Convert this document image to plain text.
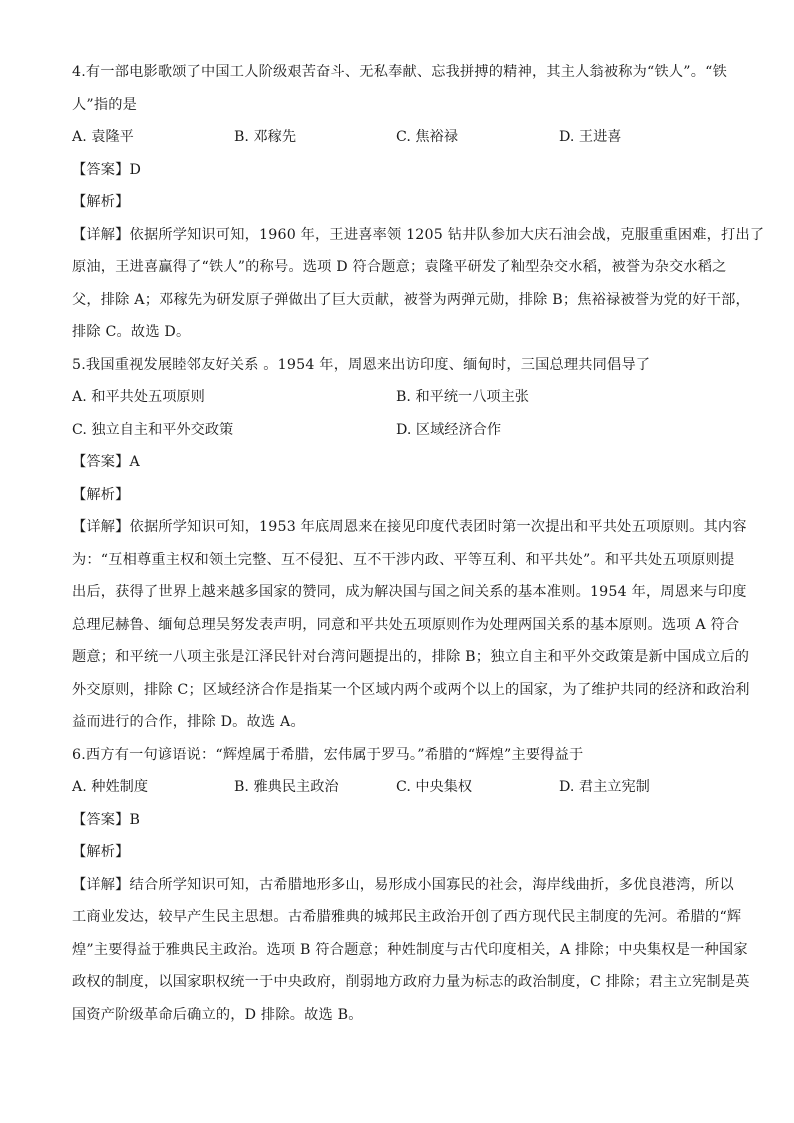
4.有一部电影歌颂了中国工人阶级艰苦奋斗、无私奉献、忘我拼搏的精神，其主人翁被称为“铁人”。“铁
人”指的是
A. 袁隆平	B. 邓稼先	C. 焦裕禄	D. 王进喜
【答案】D
【解析】
【详解】依据所学知识可知，1960 年，王进喜率领 1205 钻井队参加大庆石油会战，克服重重困难，打出了
原油，王进喜赢得了“铁人”的称号。选项 D 符合题意；袁隆平研发了籼型杂交水稻，被誉为杂交水稻之
父，排除 A；邓稼先为研发原子弹做出了巨大贡献，被誉为两弹元勋，排除 B；焦裕禄被誉为党的好干部，
排除 C。故选 D。
5.我国重视发展睦邻友好关系 。1954 年，周恩来出访印度、缅甸时，三国总理共同倡导了
A. 和平共处五项原则	B. 和平统一八项主张
C. 独立自主和平外交政策	D. 区域经济合作
【答案】A
【解析】
【详解】依据所学知识可知，1953 年底周恩来在接见印度代表团时第一次提出和平共处五项原则。其内容
为：“互相尊重主权和领土完整、互不侵犯、互不干涉内政、平等互利、和平共处”。和平共处五项原则提
出后，获得了世界上越来越多国家的赞同，成为解决国与国之间关系的基本准则。1954 年，周恩来与印度
总理尼赫鲁、缅甸总理吴努发表声明，同意和平共处五项原则作为处理两国关系的基本原则。选项 A 符合
题意；和平统一八项主张是江泽民针对台湾问题提出的，排除 B；独立自主和平外交政策是新中国成立后的
外交原则，排除 C；区域经济合作是指某一个区域内两个或两个以上的国家，为了维护共同的经济和政治利
益而进行的合作，排除 D。故选 A。
6.西方有一句谚语说：“辉煌属于希腊，宏伟属于罗马。”希腊的“辉煌”主要得益于
A. 种姓制度	B. 雅典民主政治	C. 中央集权	D. 君主立宪制
【答案】B
【解析】
【详解】结合所学知识可知，古希腊地形多山，易形成小国寡民的社会，海岸线曲折，多优良港湾，所以
工商业发达，较早产生民主思想。古希腊雅典的城邦民主政治开创了西方现代民主制度的先河。希腊的“辉
煌”主要得益于雅典民主政治。选项 B 符合题意；种姓制度与古代印度相关，A 排除；中央集权是一种国家
政权的制度，以国家职权统一于中央政府，削弱地方政府力量为标志的政治制度，C 排除；君主立宪制是英
国资产阶级革命后确立的，D 排除。故选 B。
